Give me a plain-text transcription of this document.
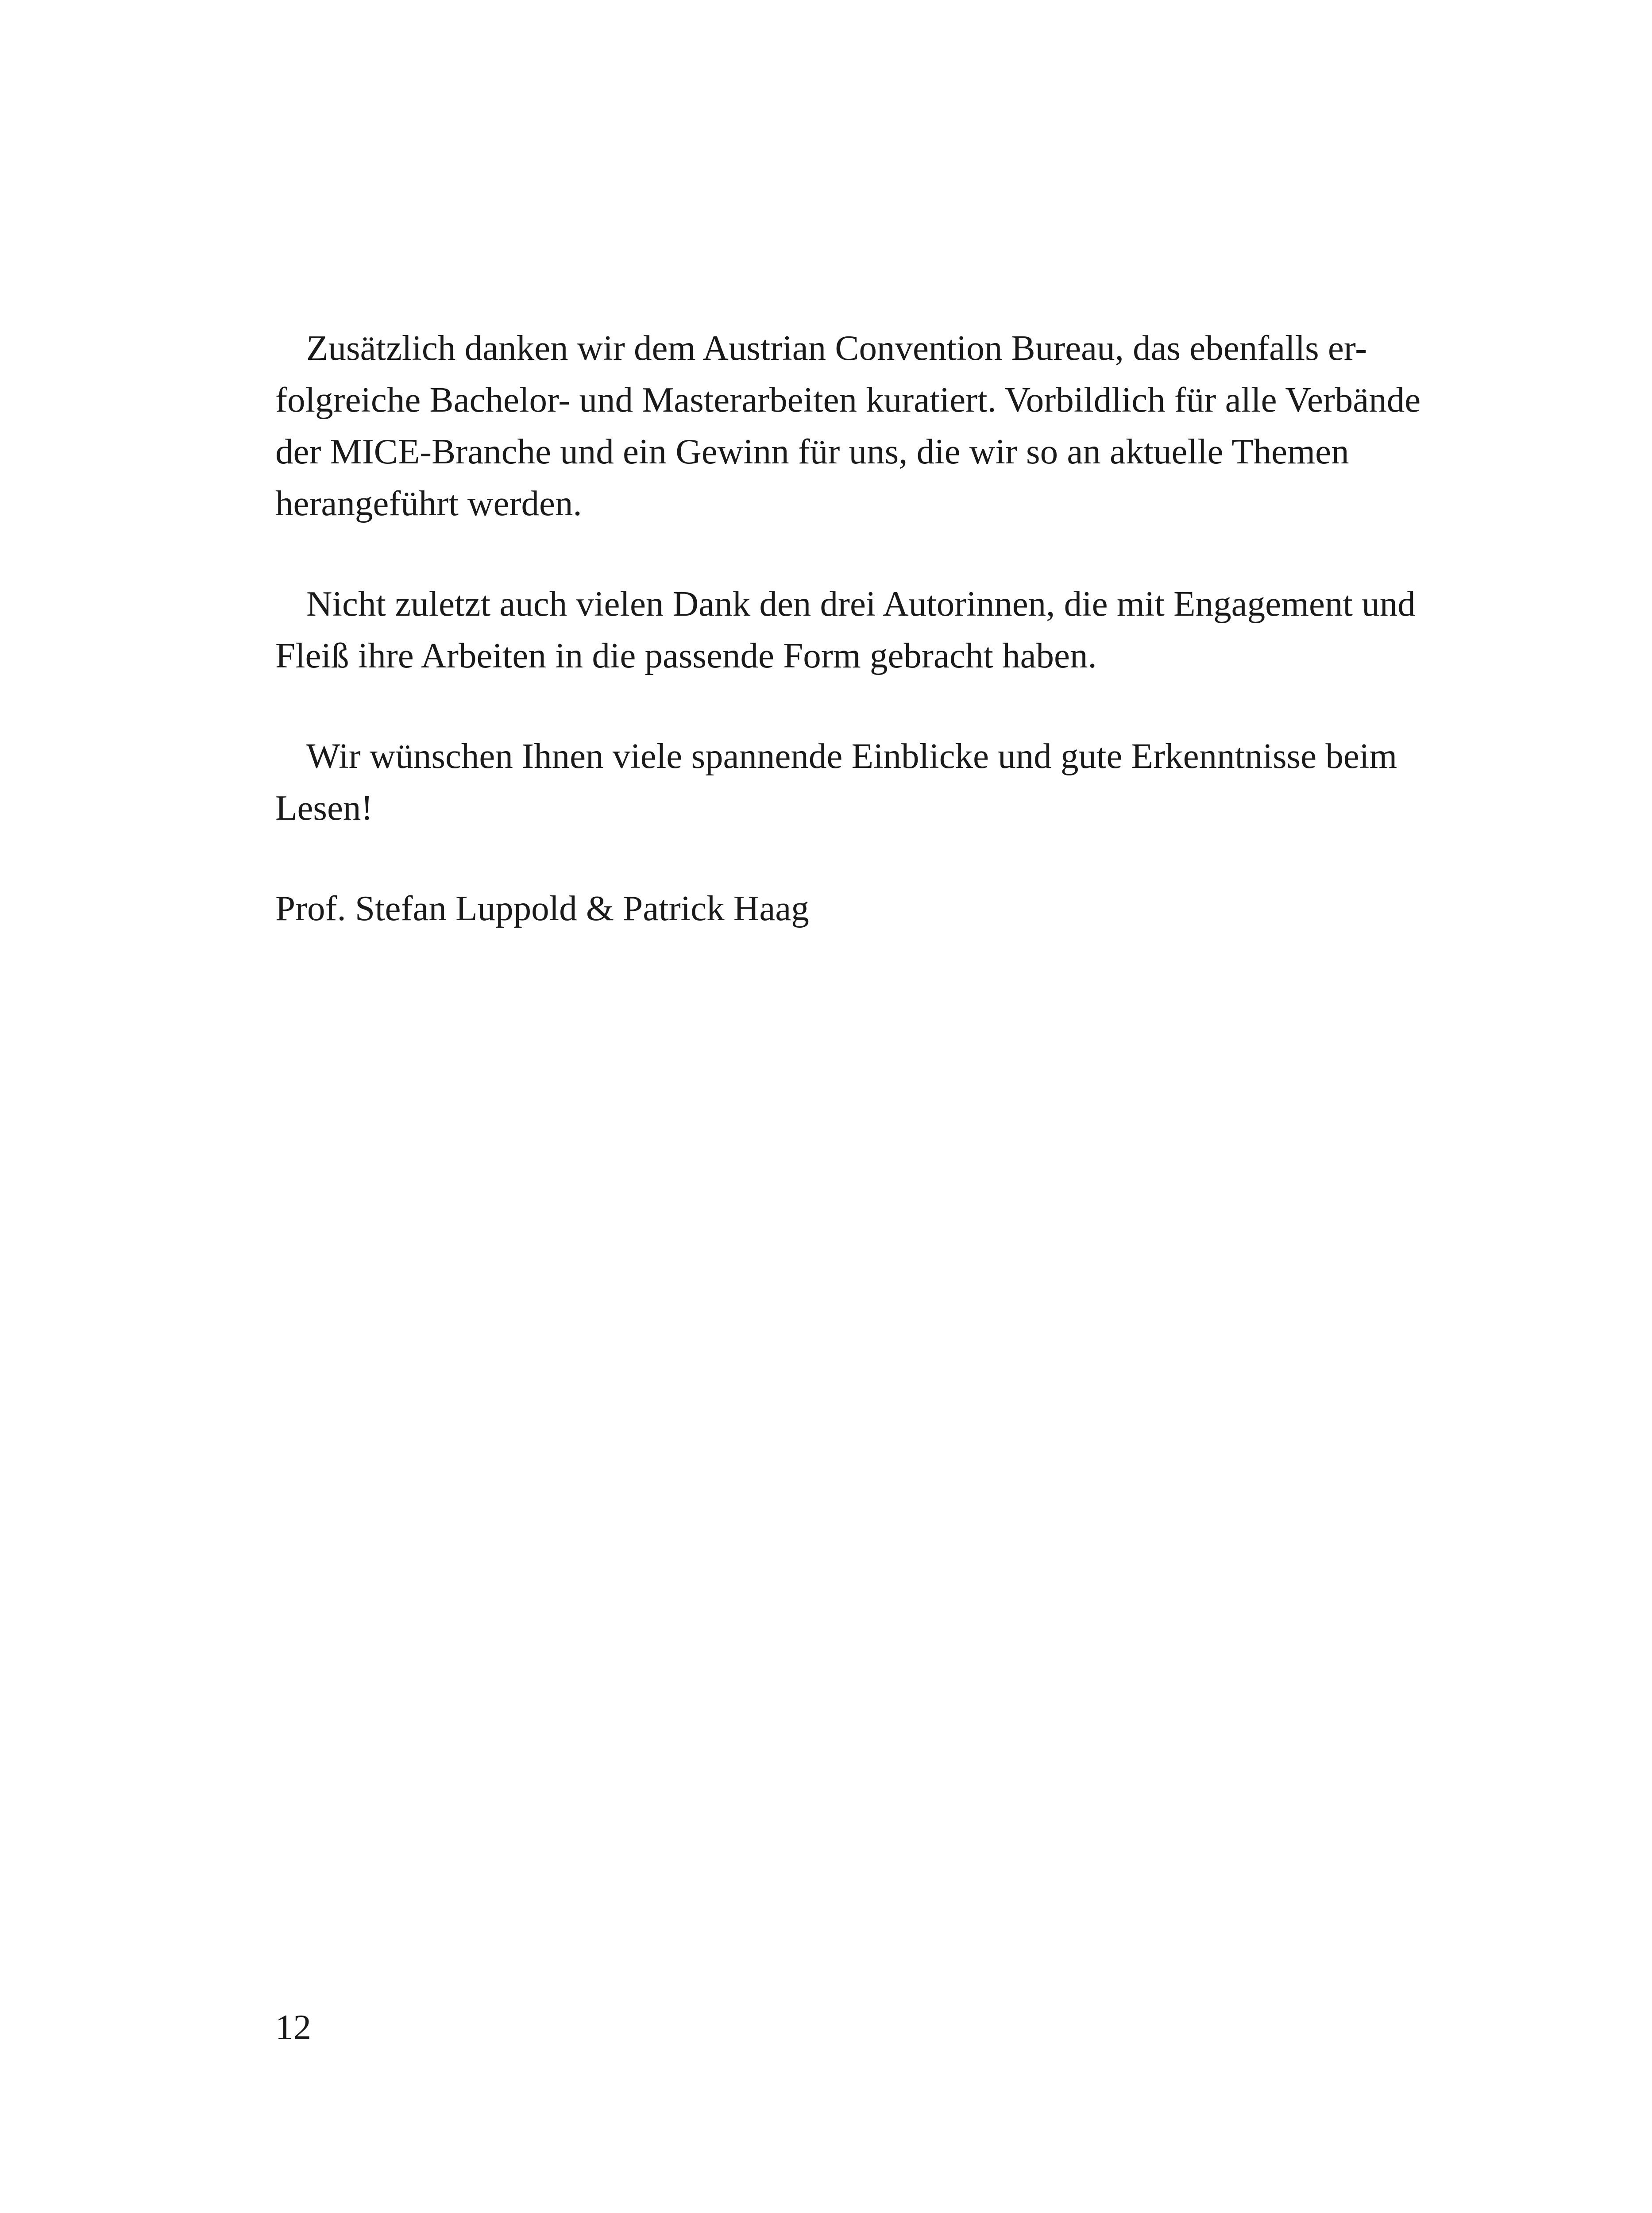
Zusätzlich danken wir dem Austrian Convention Bureau, das ebenfalls er-
folgreiche Bachelor- und Masterarbeiten kuratiert. Vorbildlich für alle Verbände
der MICE-Branche und ein Gewinn für uns, die wir so an aktuelle Themen
herangeführt werden.

Nicht zuletzt auch vielen Dank den drei Autorinnen, die mit Engagement und
Fleiß ihre Arbeiten in die passende Form gebracht haben.

Wir wünschen Ihnen viele spannende Einblicke und gute Erkenntnisse beim
Lesen!

Prof. Stefan Luppold & Patrick Haag

12
